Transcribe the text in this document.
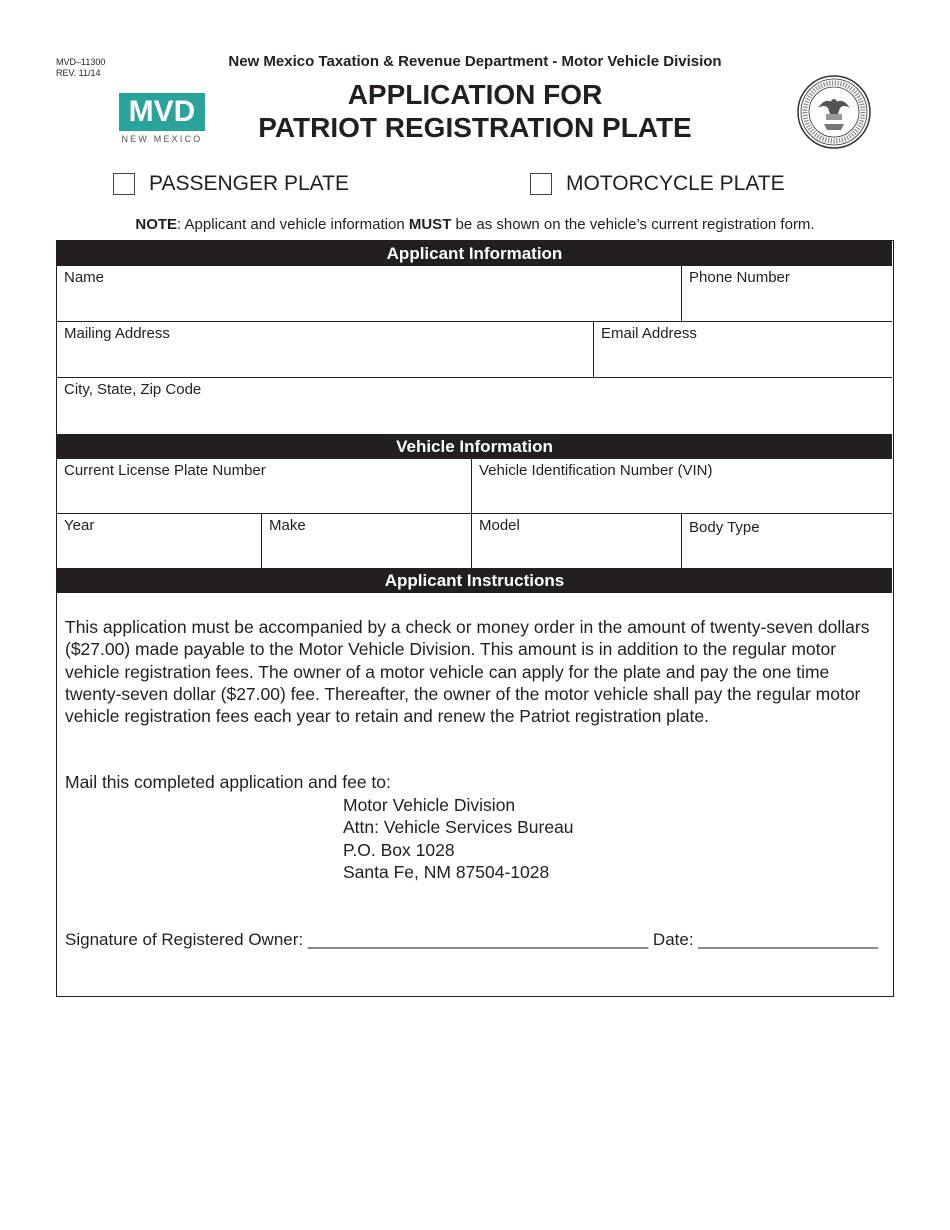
MVD–11300
REV. 11/14
New Mexico Taxation & Revenue Department - Motor Vehicle Division
MVD
NEW MEXICO
APPLICATION FOR
PATRIOT REGISTRATION PLATE
PASSENGER PLATE	MOTORCYCLE PLATE
NOTE: Applicant and vehicle information MUST be as shown on the vehicle’s current registration form.
Applicant Information
Name	Phone Number
Mailing Address	Email Address
City, State, Zip Code
Vehicle Information
Current License Plate Number	Vehicle Identification Number (VIN)
Year	Make	Model	Body Type
Applicant Instructions
This application must be accompanied by a check or money order in the amount of twenty-seven dollars ($27.00) made payable to the Motor Vehicle Division. This amount is in addition to the regular motor vehicle registration fees. The owner of a motor vehicle can apply for the plate and pay the one time twenty-seven dollar ($27.00) fee. Thereafter, the owner of the motor vehicle shall pay the regular motor vehicle registration fees each year to retain and renew the Patriot registration plate.
Mail this completed application and fee to:
Motor Vehicle Division
Attn: Vehicle Services Bureau
P.O. Box 1028
Santa Fe, NM 87504-1028
Signature of Registered Owner: ____________________________________ Date: ___________________
